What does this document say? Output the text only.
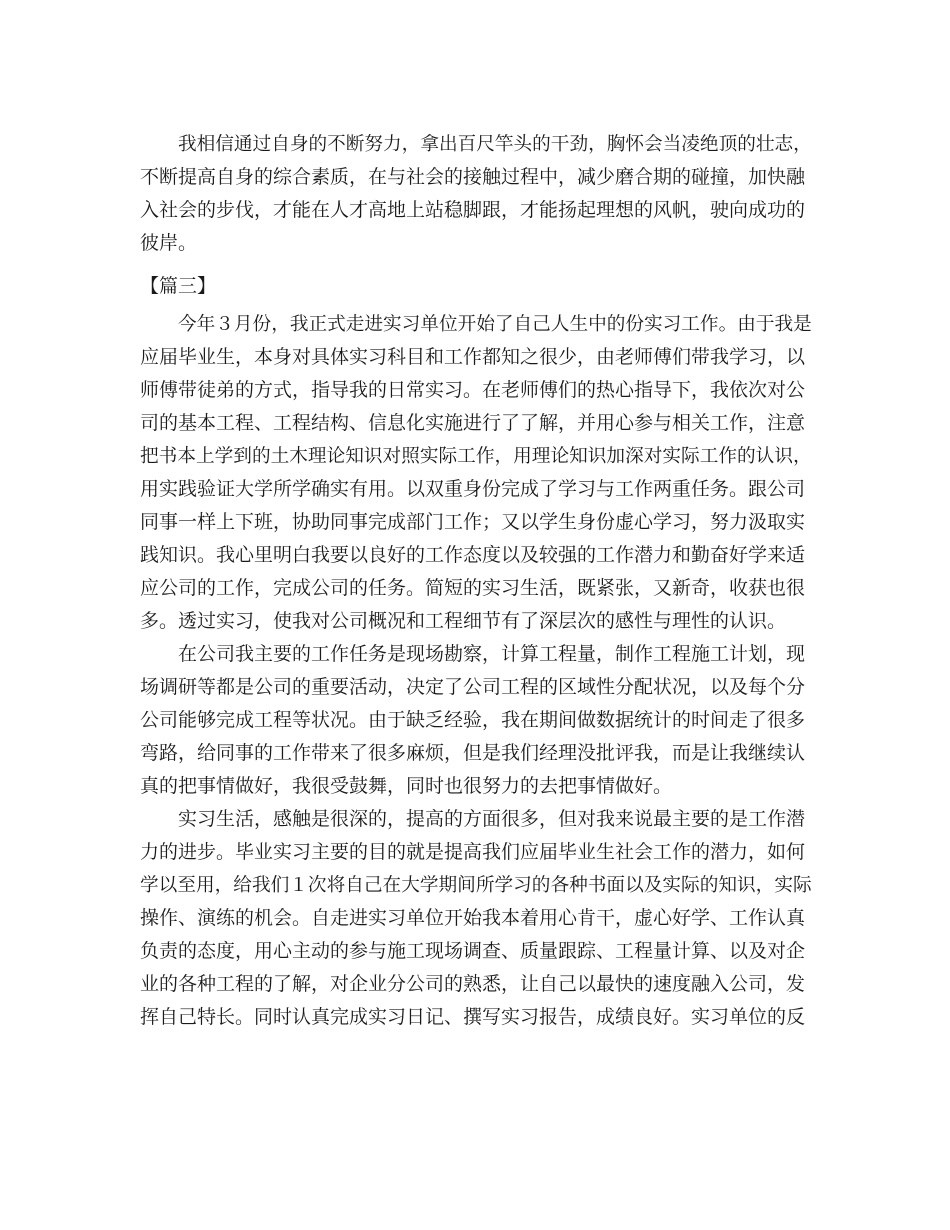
我相信通过自身的不断努力，拿出百尺竿头的干劲，胸怀会当凌绝顶的壮志，

不断提高自身的综合素质，在与社会的接触过程中，减少磨合期的碰撞，加快融

入社会的步伐，才能在人才高地上站稳脚跟，才能扬起理想的风帆，驶向成功的

彼岸。

【篇三】

今年３月份，我正式走进实习单位开始了自己人生中的份实习工作。由于我是

应届毕业生，本身对具体实习科目和工作都知之很少，由老师傅们带我学习，以

师傅带徒弟的方式，指导我的日常实习。在老师傅们的热心指导下，我依次对公

司的基本工程、工程结构、信息化实施进行了了解，并用心参与相关工作，注意

把书本上学到的土木理论知识对照实际工作，用理论知识加深对实际工作的认识，

用实践验证大学所学确实有用。以双重身份完成了学习与工作两重任务。跟公司

同事一样上下班，协助同事完成部门工作；又以学生身份虚心学习，努力汲取实

践知识。我心里明白我要以良好的工作态度以及较强的工作潜力和勤奋好学来适

应公司的工作，完成公司的任务。简短的实习生活，既紧张，又新奇，收获也很

多。透过实习，使我对公司概况和工程细节有了深层次的感性与理性的认识。

在公司我主要的工作任务是现场勘察，计算工程量，制作工程施工计划，现

场调研等都是公司的重要活动，决定了公司工程的区域性分配状况，以及每个分

公司能够完成工程等状况。由于缺乏经验，我在期间做数据统计的时间走了很多

弯路，给同事的工作带来了很多麻烦，但是我们经理没批评我，而是让我继续认

真的把事情做好，我很受鼓舞，同时也很努力的去把事情做好。

实习生活，感触是很深的，提高的方面很多，但对我来说最主要的是工作潜

力的进步。毕业实习主要的目的就是提高我们应届毕业生社会工作的潜力，如何

学以至用，给我们１次将自己在大学期间所学习的各种书面以及实际的知识，实际

操作、演练的机会。自走进实习单位开始我本着用心肯干，虚心好学、工作认真

负责的态度，用心主动的参与施工现场调查、质量跟踪、工程量计算、以及对企

业的各种工程的了解，对企业分公司的熟悉，让自己以最快的速度融入公司，发

挥自己特长。同时认真完成实习日记、撰写实习报告，成绩良好。实习单位的反
